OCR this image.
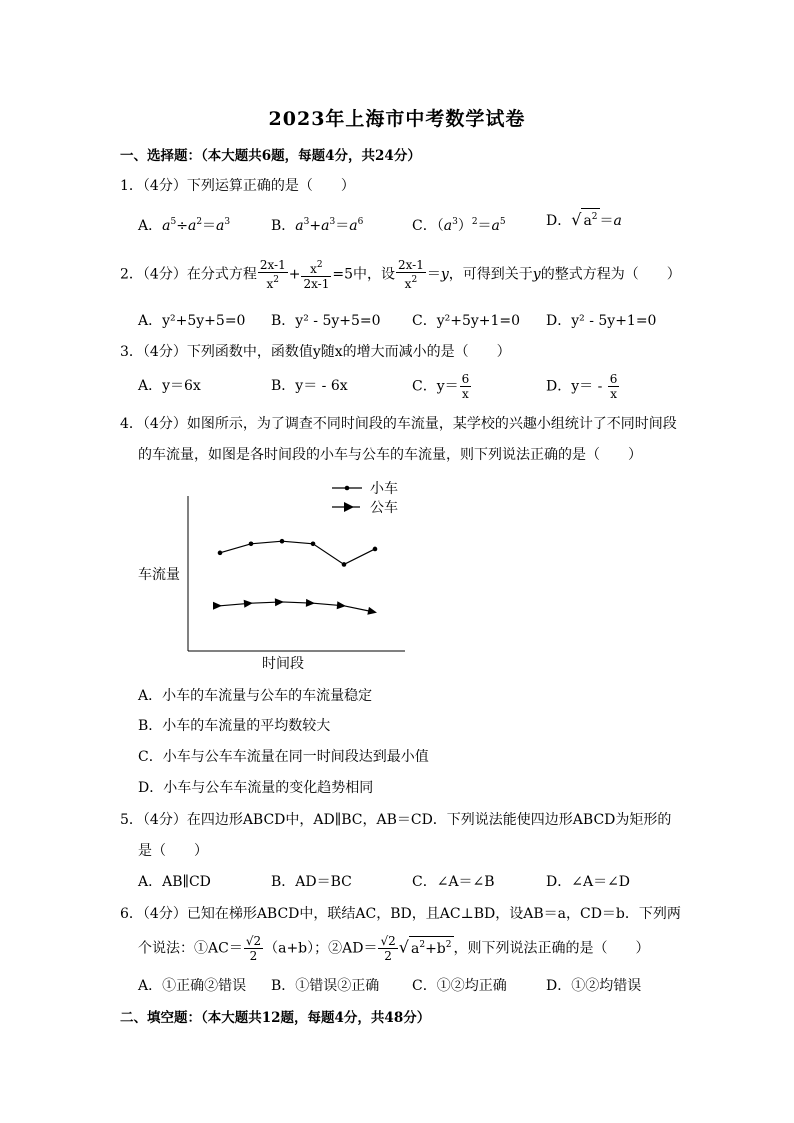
2023年上海市中考数学试卷
一、选择题：（本大题共6题，每题4分，共24分）
1．（4分）下列运算正确的是（　　）
A．$a^5\div a^2=a^3$	B．$a^3+a^3=a^6$	C．$(a^3)^2=a^5$	D．√ $a^2 =a$
2．（4分）在分式方程 $\frac{2x-1}{x^2} + \frac{x^2}{2x-1} =5$中，设 $\frac{2x-1}{x^2} =y$，可得到关于y的整式方程为（　　）
A．y²+5y+5=0 B．y² - 5y+5=0 C．y²+5y+1=0 D．y² - 5y+1=0
3．（4分）下列函数中，函数值y随x的增大而减小的是（　　）
A．y＝6x	B．y＝ - 6x	C．$y= \frac{6}{x}$	D．$y= - \frac{6}{x}$
4．（4分）如图所示，为了调查不同时间段的车流量，某学校的兴趣小组统计了不同时间段
的车流量，如图是各时间段的小车与公车的车流量，则下列说法正确的是（　　）
车流量
时间段
小车
公车
A．小车的车流量与公车的车流量稳定
B．小车的车流量的平均数较大
C．小车与公车车流量在同一时间段达到最小值
D．小车与公车车流量的变化趋势相同
5．（4分）在四边形ABCD中，AD∥BC，AB＝CD．下列说法能使四边形ABCD为矩形的
是（　　）
A．AB∥CD	B．AD＝BC	C．∠A＝∠B	D．∠A＝∠D
6．（4分）已知在梯形ABCD中，联结AC，BD，且AC⊥BD，设AB＝a，CD＝b．下列两
个说法：①AC＝ $\frac{√2}{2} (a+b)$；②AD＝ $\frac{√2}{2}$ √ $a^2+b^2$ ，则下列说法正确的是（　　）
A．①正确②错误 B．①错误②正确 C．①②均正确	D．①②均错误
二、填空题：（本大题共12题，每题4分，共48分）
